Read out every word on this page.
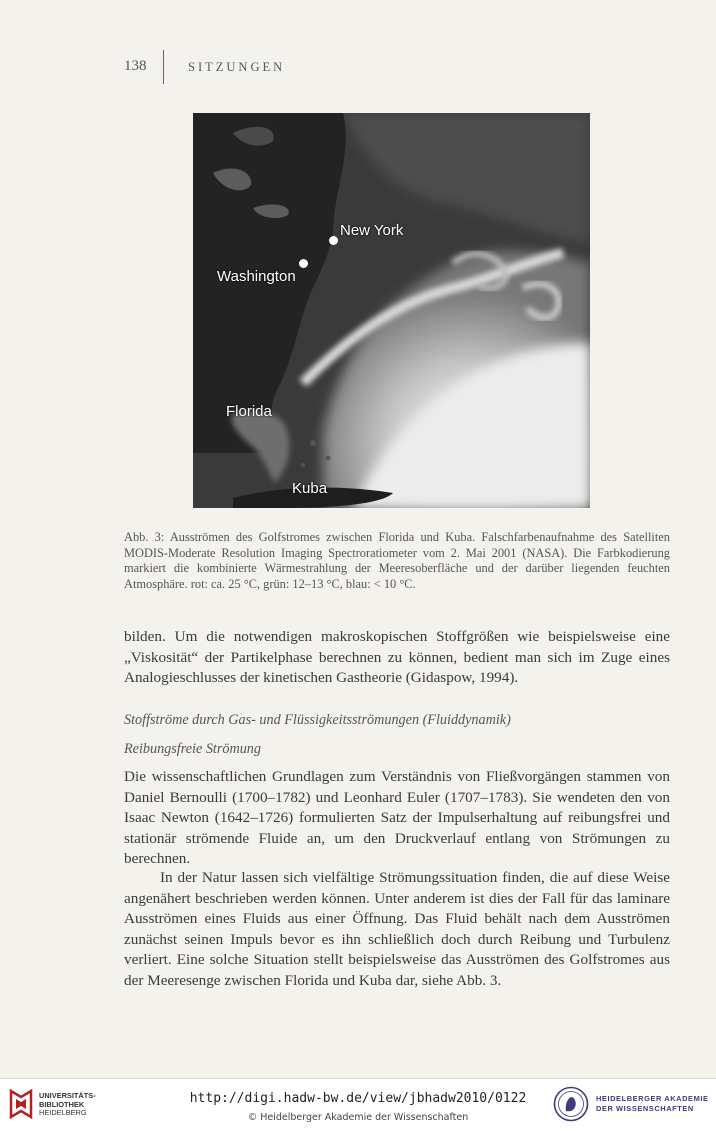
138	SITZUNGEN
New York
Washington
Florida
Kuba

Abb. 3: Ausströmen des Golfstromes zwischen Florida und Kuba. Falschfarbenaufnahme des Satelliten MODIS-Moderate Resolution Imaging Spectroratiometer vom 2. Mai 2001 (NASA). Die Farbkodierung markiert die kombinierte Wärmestrahlung der Meeresoberfläche und der darüber liegenden feuchten Atmosphäre. rot: ca. 25 °C, grün: 12–13 °C, blau: < 10 °C.

bilden. Um die notwendigen makroskopischen Stoffgrößen wie beispielsweise eine „Viskosität“ der Partikelphase berechnen zu können, bedient man sich im Zuge eines Analogieschlusses der kinetischen Gastheorie (Gidaspow, 1994).

Stoffströme durch Gas- und Flüssigkeitsströmungen (Fluiddynamik)

Reibungsfreie Strömung

Die wissenschaftlichen Grundlagen zum Verständnis von Fließvorgängen stammen von Daniel Bernoulli (1700–1782) und Leonhard Euler (1707–1783). Sie wendeten den von Isaac Newton (1642–1726) formulierten Satz der Impulserhaltung auf reibungsfrei und stationär strömende Fluide an, um den Druckverlauf entlang von Strömungen zu berechnen.

In der Natur lassen sich vielfältige Strömungssituation finden, die auf diese Weise angenähert beschrieben werden können. Unter anderem ist dies der Fall für das laminare Ausströmen eines Fluids aus einer Öffnung. Das Fluid behält nach dem Ausströmen zunächst seinen Impuls bevor es ihn schließlich doch durch Reibung und Turbulenz verliert. Eine solche Situation stellt beispielsweise das Ausströmen des Golfstromes aus der Meeresenge zwischen Florida und Kuba dar, siehe Abb. 3.

UNIVERSITÄTS-
BIBLIOTHEK
HEIDELBERG
http://digi.hadw-bw.de/view/jbhadw2010/0122
© Heidelberger Akademie der Wissenschaften
HEIDELBERGER AKADEMIE
DER WISSENSCHAFTEN
